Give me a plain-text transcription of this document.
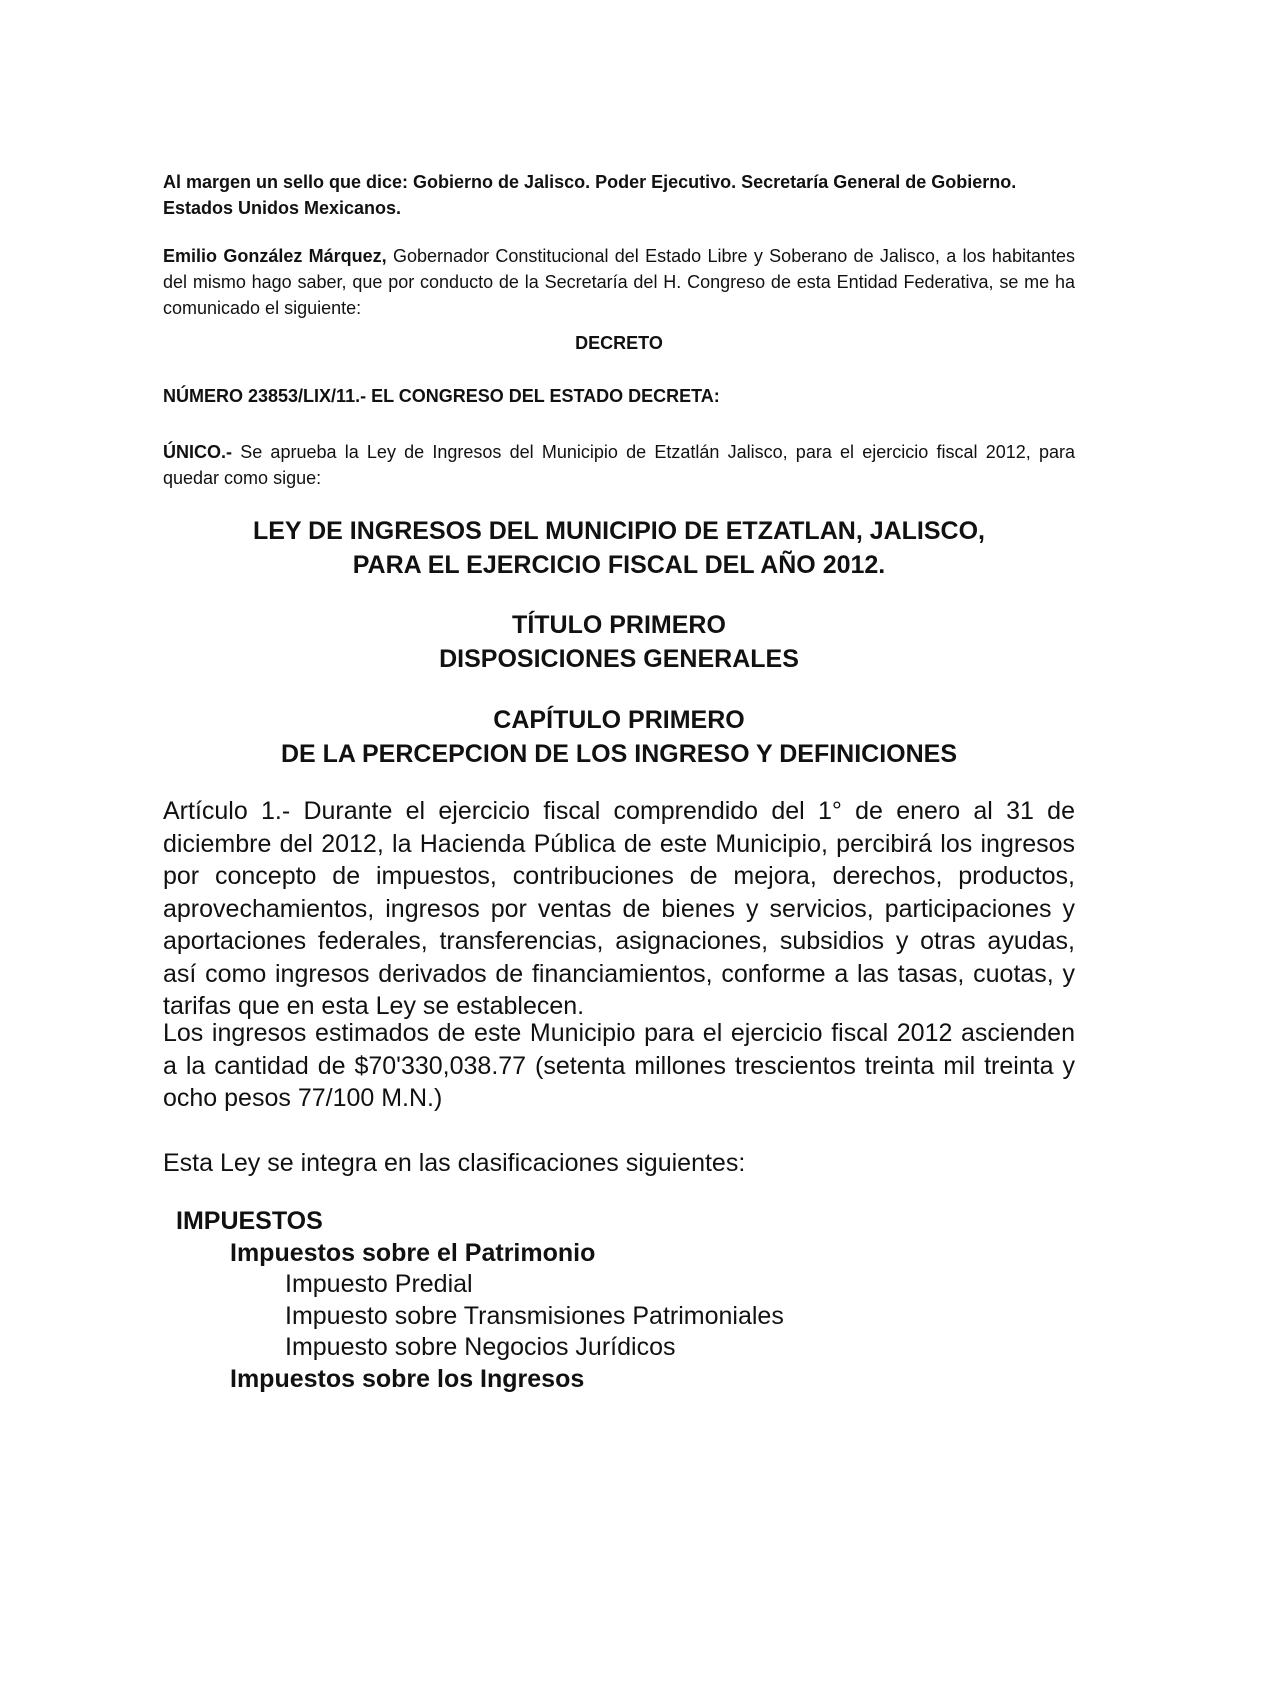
Al margen un sello que dice: Gobierno de Jalisco. Poder Ejecutivo. Secretaría General de Gobierno. Estados Unidos Mexicanos.

Emilio González Márquez, Gobernador Constitucional del Estado Libre y Soberano de Jalisco, a los habitantes del mismo hago saber, que por conducto de la Secretaría del H. Congreso de esta Entidad Federativa, se me ha comunicado el siguiente:

DECRETO

NÚMERO 23853/LIX/11.- EL CONGRESO DEL ESTADO DECRETA:

ÚNICO.- Se aprueba la Ley de Ingresos del Municipio de Etzatlán Jalisco, para el ejercicio fiscal 2012, para quedar como sigue:

LEY DE INGRESOS DEL MUNICIPIO DE ETZATLAN, JALISCO,
PARA EL EJERCICIO FISCAL DEL AÑO 2012.
TÍTULO PRIMERO
DISPOSICIONES GENERALES
CAPÍTULO PRIMERO
DE LA PERCEPCION DE LOS INGRESO Y DEFINICIONES

Artículo 1.- Durante el ejercicio fiscal comprendido del 1° de enero al 31 de diciembre del 2012, la Hacienda Pública de este Municipio, percibirá los ingresos por concepto de impuestos, contribuciones de mejora, derechos, productos, aprovechamientos, ingresos por ventas de bienes y servicios, participaciones y aportaciones federales, transferencias, asignaciones, subsidios y otras ayudas, así como ingresos derivados de financiamientos, conforme a las tasas, cuotas, y tarifas que en esta Ley se establecen.

Los ingresos estimados de este Municipio para el ejercicio fiscal 2012 ascienden a la cantidad de $70'330,038.77 (setenta millones trescientos treinta mil treinta y ocho pesos 77/100 M.N.)

Esta Ley se integra en las clasificaciones siguientes:

IMPUESTOS
Impuestos sobre el Patrimonio
Impuesto Predial
Impuesto sobre Transmisiones Patrimoniales
Impuesto sobre Negocios Jurídicos
Impuestos sobre los Ingresos
